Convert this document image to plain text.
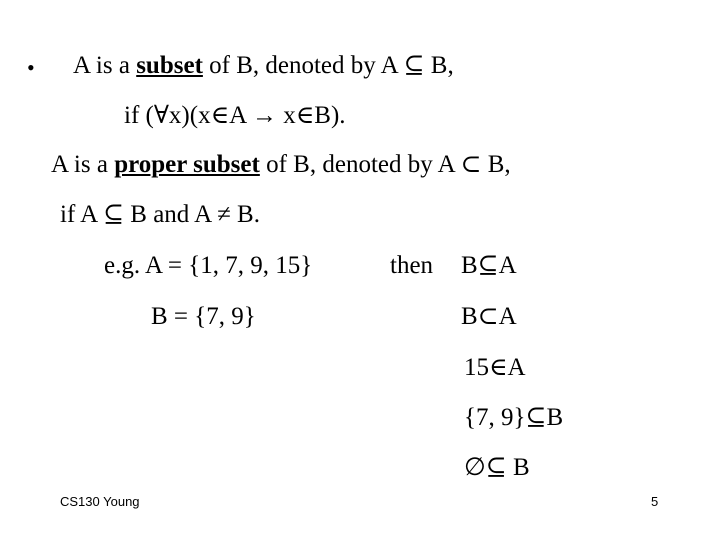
• A is a subset of B, denoted by A ⊆ B,
if (∀x)(x∈A → x∈B).
A is a proper subset of B, denoted by A ⊂ B,
if A ⊆ B and A ≠ B.
e.g. A = {1, 7, 9, 15}	then B⊆A
B = {7, 9}	B⊂A
15∈A
{7, 9}⊆B
∅⊆ B
CS130 Young	5
